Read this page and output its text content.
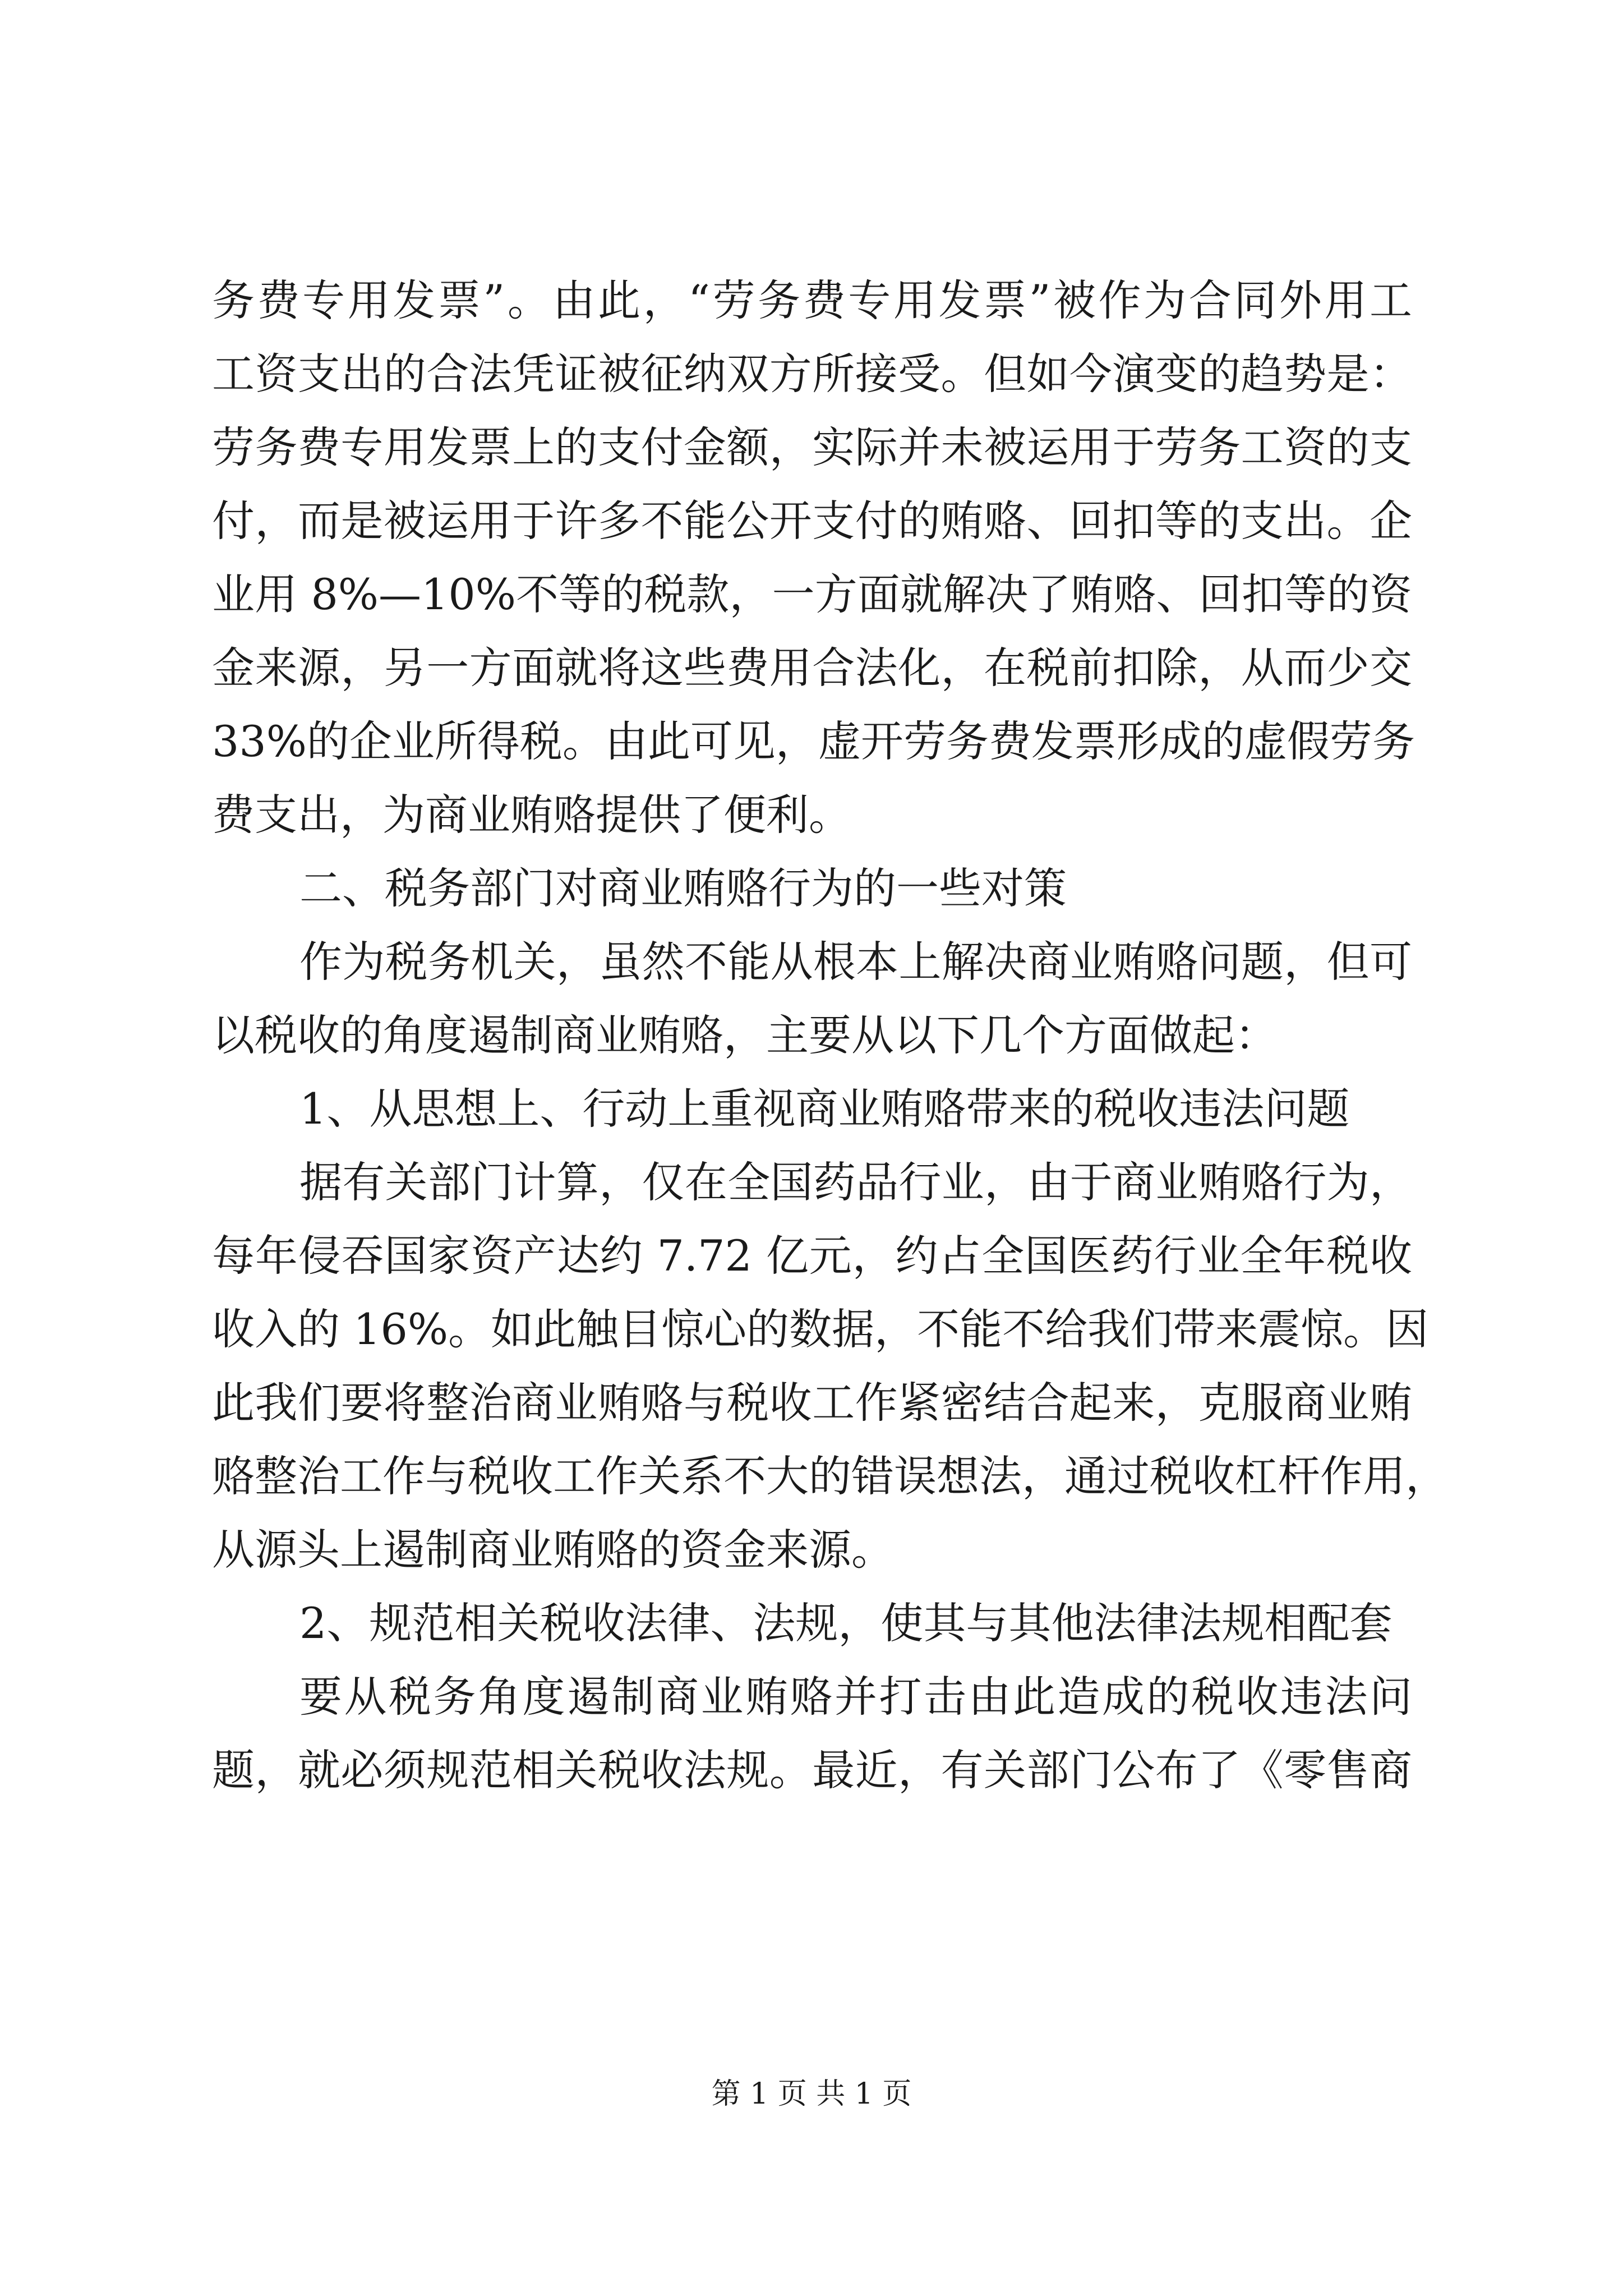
务费专用发票”。由此，“劳务费专用发票”被作为合同外用工
工资支出的合法凭证被征纳双方所接受。但如今演变的趋势是：
劳务费专用发票上的支付金额，实际并未被运用于劳务工资的支
付，而是被运用于许多不能公开支付的贿赂、回扣等的支出。企
业用 8%—10%不等的税款，一方面就解决了贿赂、回扣等的资
金来源，另一方面就将这些费用合法化，在税前扣除，从而少交
33%的企业所得税。由此可见，虚开劳务费发票形成的虚假劳务
费支出，为商业贿赂提供了便利。
二、税务部门对商业贿赂行为的一些对策
作为税务机关，虽然不能从根本上解决商业贿赂问题，但可
以税收的角度遏制商业贿赂，主要从以下几个方面做起：
1、从思想上、行动上重视商业贿赂带来的税收违法问题
据有关部门计算，仅在全国药品行业，由于商业贿赂行为，
每年侵吞国家资产达约 7.72 亿元，约占全国医药行业全年税收
收入的 16%。如此触目惊心的数据，不能不给我们带来震惊。因
此我们要将整治商业贿赂与税收工作紧密结合起来，克服商业贿
赂整治工作与税收工作关系不大的错误想法，通过税收杠杆作用，
从源头上遏制商业贿赂的资金来源。
2、规范相关税收法律、法规，使其与其他法律法规相配套
要从税务角度遏制商业贿赂并打击由此造成的税收违法问
题，就必须规范相关税收法规。最近，有关部门公布了《零售商
第 1 页 共 1 页
